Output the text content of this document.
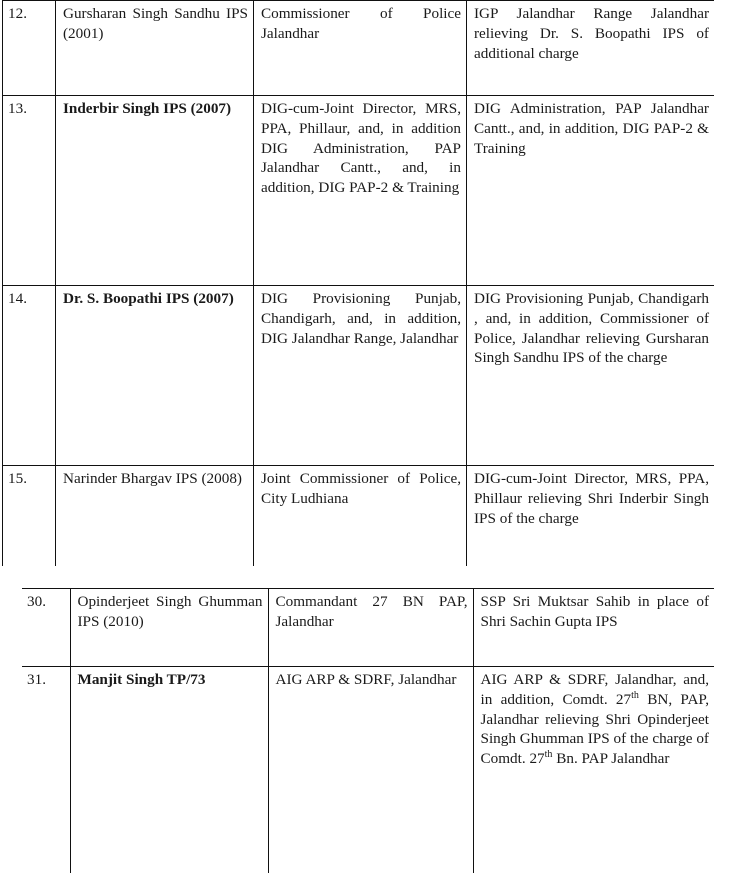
12.	Gursharan Singh Sandhu IPS (2001)	Commissioner of Police Jalandhar	IGP Jalandhar Range Jalandhar relieving Dr. S. Boopathi IPS of additional charge

13.	Inderbir Singh IPS (2007)	DIG-cum-Joint Director, MRS, PPA, Phillaur, and, in addition DIG Administration, PAP Jalandhar Cantt., and, in addition, DIG PAP-2 & Training	DIG Administration, PAP Jalandhar Cantt., and, in addition, DIG PAP-2 & Training

14.	Dr. S. Boopathi IPS (2007)	DIG Provisioning Punjab, Chandigarh, and, in addition, DIG Jalandhar Range, Jalandhar	DIG Provisioning Punjab, Chandigarh , and, in addition, Commissioner of Police, Jalandhar relieving Gursharan Singh Sandhu IPS of the charge

15.	Narinder Bhargav IPS (2008)	Joint Commissioner of Police, City Ludhiana	DIG-cum-Joint Director, MRS, PPA, Phillaur relieving Shri Inderbir Singh IPS of the charge
30.	Opinderjeet Singh Ghumman IPS (2010)	Commandant 27 BN PAP, Jalandhar	SSP Sri Muktsar Sahib in place of Shri Sachin Gupta IPS

31.	Manjit Singh TP/73	AIG ARP & SDRF, Jalandhar	AIG ARP & SDRF, Jalandhar, and, in addition, Comdt. 27th BN, PAP, Jalandhar relieving Shri Opinderjeet Singh Ghumman IPS of the charge of Comdt. 27th Bn. PAP Jalandhar
